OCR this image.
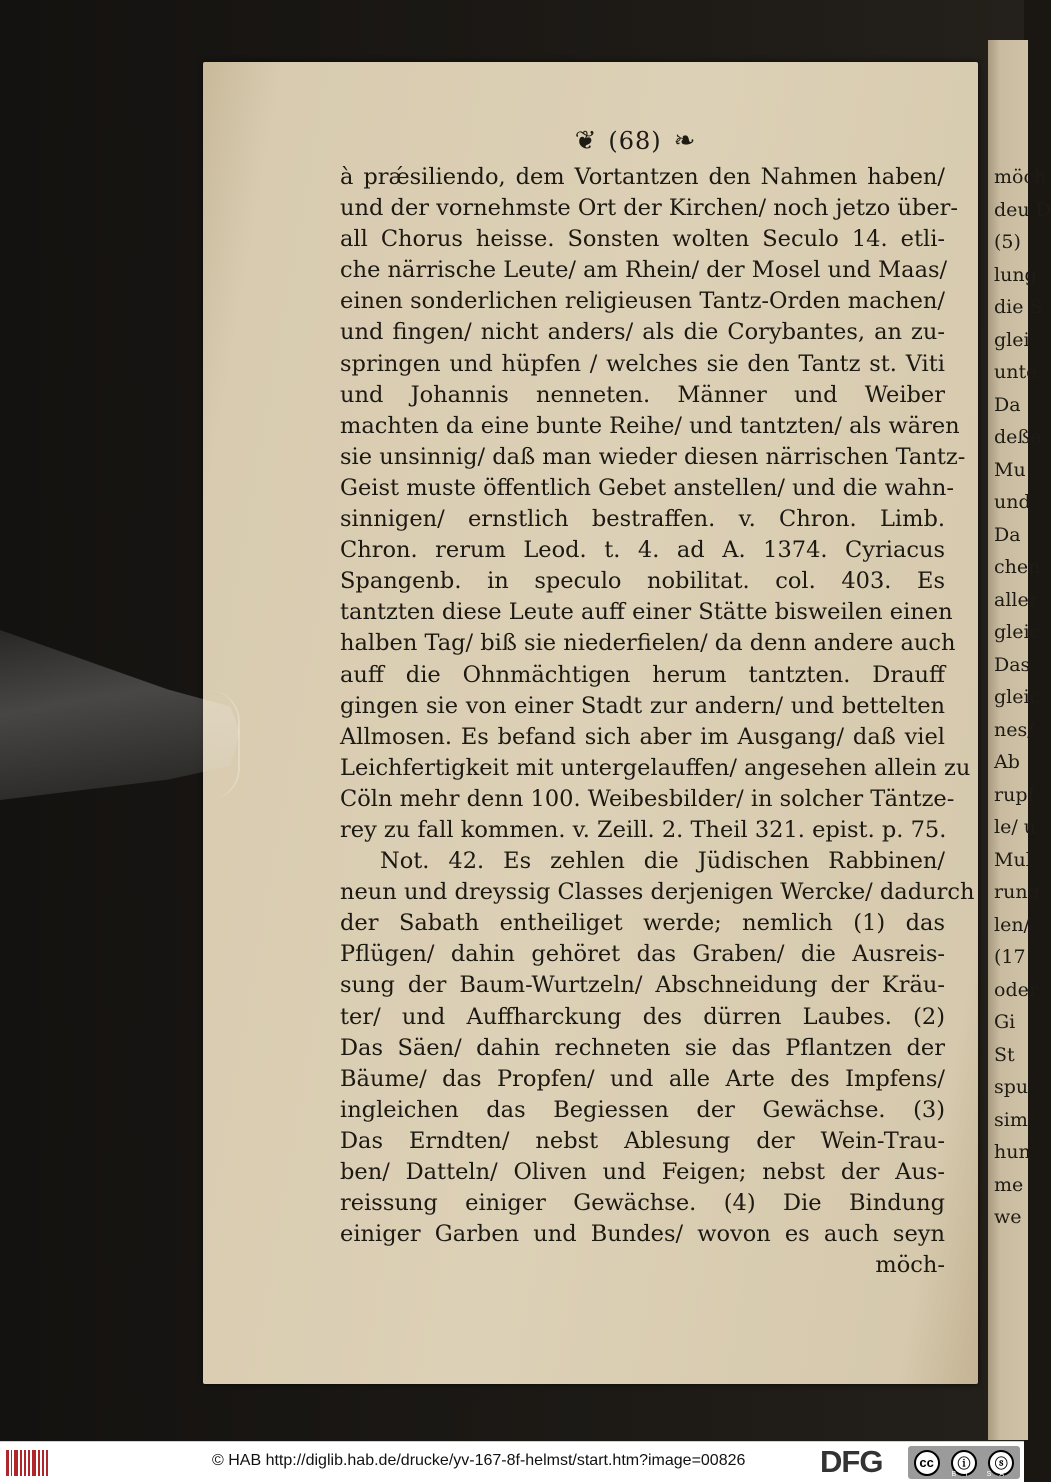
möch
deu D
(5)
lung
die S
glei
unte
Da
deße
Mu
und
Da
chen
aller
gleic
Das
gleic
nes/
Ab
rupf
le/ u
Mul
rung
len/
(17
oder
Gi
St
spu
sim
hun
me
we
❦ (68) ❧
à prǽsiliendo, dem Vortantzen den Nahmen haben/
und der vornehmste Ort der Kirchen/ noch jetzo über-
all Chorus heisse. Sonsten wolten Seculo 14. etli-
che närrische Leute/ am Rhein/ der Mosel und Maas/
einen sonderlichen religieusen Tantz-Orden machen/
und fingen/ nicht anders/ als die Corybantes, an zu-
springen und hüpfen / welches sie den Tantz st. Viti
und Johannis nenneten. Männer und Weiber
machten da eine bunte Reihe/ und tantzten/ als wären
sie unsinnig/ daß man wieder diesen närrischen Tantz-
Geist muste öffentlich Gebet anstellen/ und die wahn-
sinnigen/ ernstlich bestraffen. v. Chron. Limb.
Chron. rerum Leod. t. 4. ad A. 1374. Cyriacus
Spangenb. in speculo nobilitat. col. 403. Es
tantzten diese Leute auff einer Stätte bisweilen einen
halben Tag/ biß sie niederfielen/ da denn andere auch
auff die Ohnmächtigen herum tantzten. Drauff
gingen sie von einer Stadt zur andern/ und bettelten
Allmosen. Es befand sich aber im Ausgang/ daß viel
Leichfertigkeit mit untergelauffen/ angesehen allein zu
Cöln mehr denn 100. Weibesbilder/ in solcher Täntze-
rey zu fall kommen. v. Zeill. 2. Theil 321. epist. p. 75.
Not. 42. Es zehlen die Jüdischen Rabbinen/
neun und dreyssig Classes derjenigen Wercke/ dadurch
der Sabath entheiliget werde; nemlich (1) das
Pflügen/ dahin gehöret das Graben/ die Ausreis-
sung der Baum-Wurtzeln/ Abschneidung der Kräu-
ter/ und Auffharckung des dürren Laubes. (2)
Das Säen/ dahin rechneten sie das Pflantzen der
Bäume/ das Propfen/ und alle Arte des Impfens/
ingleichen das Begiessen der Gewächse. (3)
Das Erndten/ nebst Ablesung der Wein-Trau-
ben/ Datteln/ Oliven und Feigen; nebst der Aus-
reissung einiger Gewächse. (4) Die Bindung
einiger Garben und Bundes/ wovon es auch seyn
möch-
© HAB http://diglib.hab.de/drucke/yv-167-8f-helmst/start.htm?image=00826 DFG	cc	ⓘ	ⓢ
BY SA
